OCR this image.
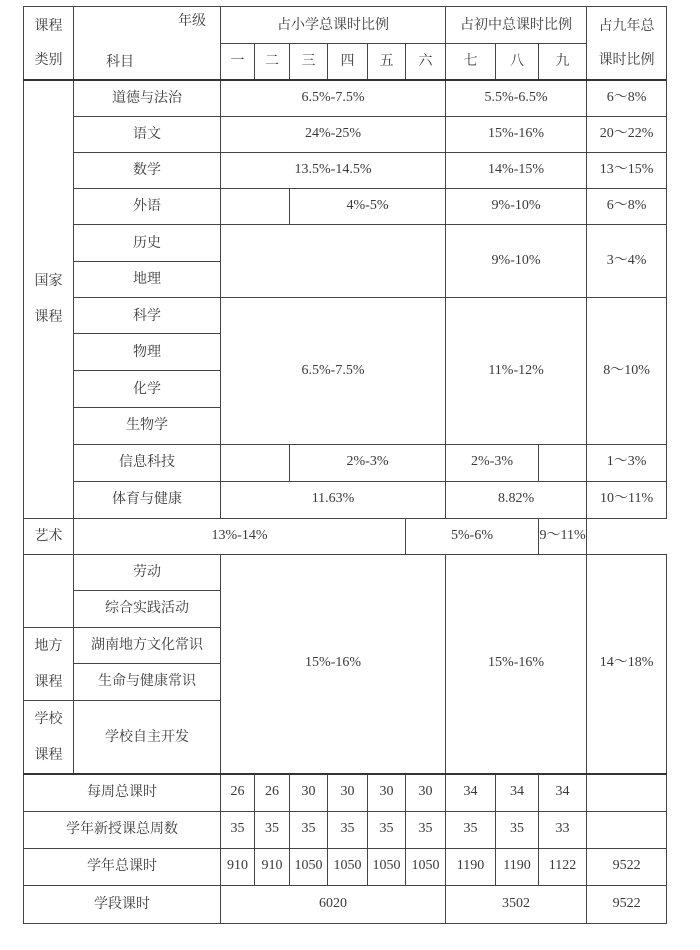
课程
类别	年级
科目	占小学总课时比例						占初中总课时比例			占九年总
课时比例

		一	二	三	四	五	六	七	八	九	

国家
课程	道德与法治	6.5%-7.5%						5.5%-6.5%			6～8%
	语文	24%-25%						15%-16%			20～22%
	数学	13.5%-14.5%						14%-15%			13～15%
	外语			4%-5%				9%-10%			6～8%
	历史							9%-10%			3～4%
	地理										
	科学	6.5%-7.5%						11%-12%			8～10%
	物理										
	化学										
	生物学										
	信息科技			2%-3%				2%-3%			1～3%
	体育与健康	11.63%						8.82%			10～11%
艺术	13%-14%						5%-6%			9～11%	
	劳动	15%-16%						15%-16%			14～18%
	综合实践活动										

地方
课程	湖南地方文化常识										
	生命与健康常识										

学校
课程	学校自主开发										

每周总课时		26	26	30	30	30	30	34	34	34	
学年新授课总周数		35	35	35	35	35	35	35	35	33	
学年总课时		910	910	1050	1050	1050	1050	1190	1190	1122	9522
学段课时		6020						3502			9522
